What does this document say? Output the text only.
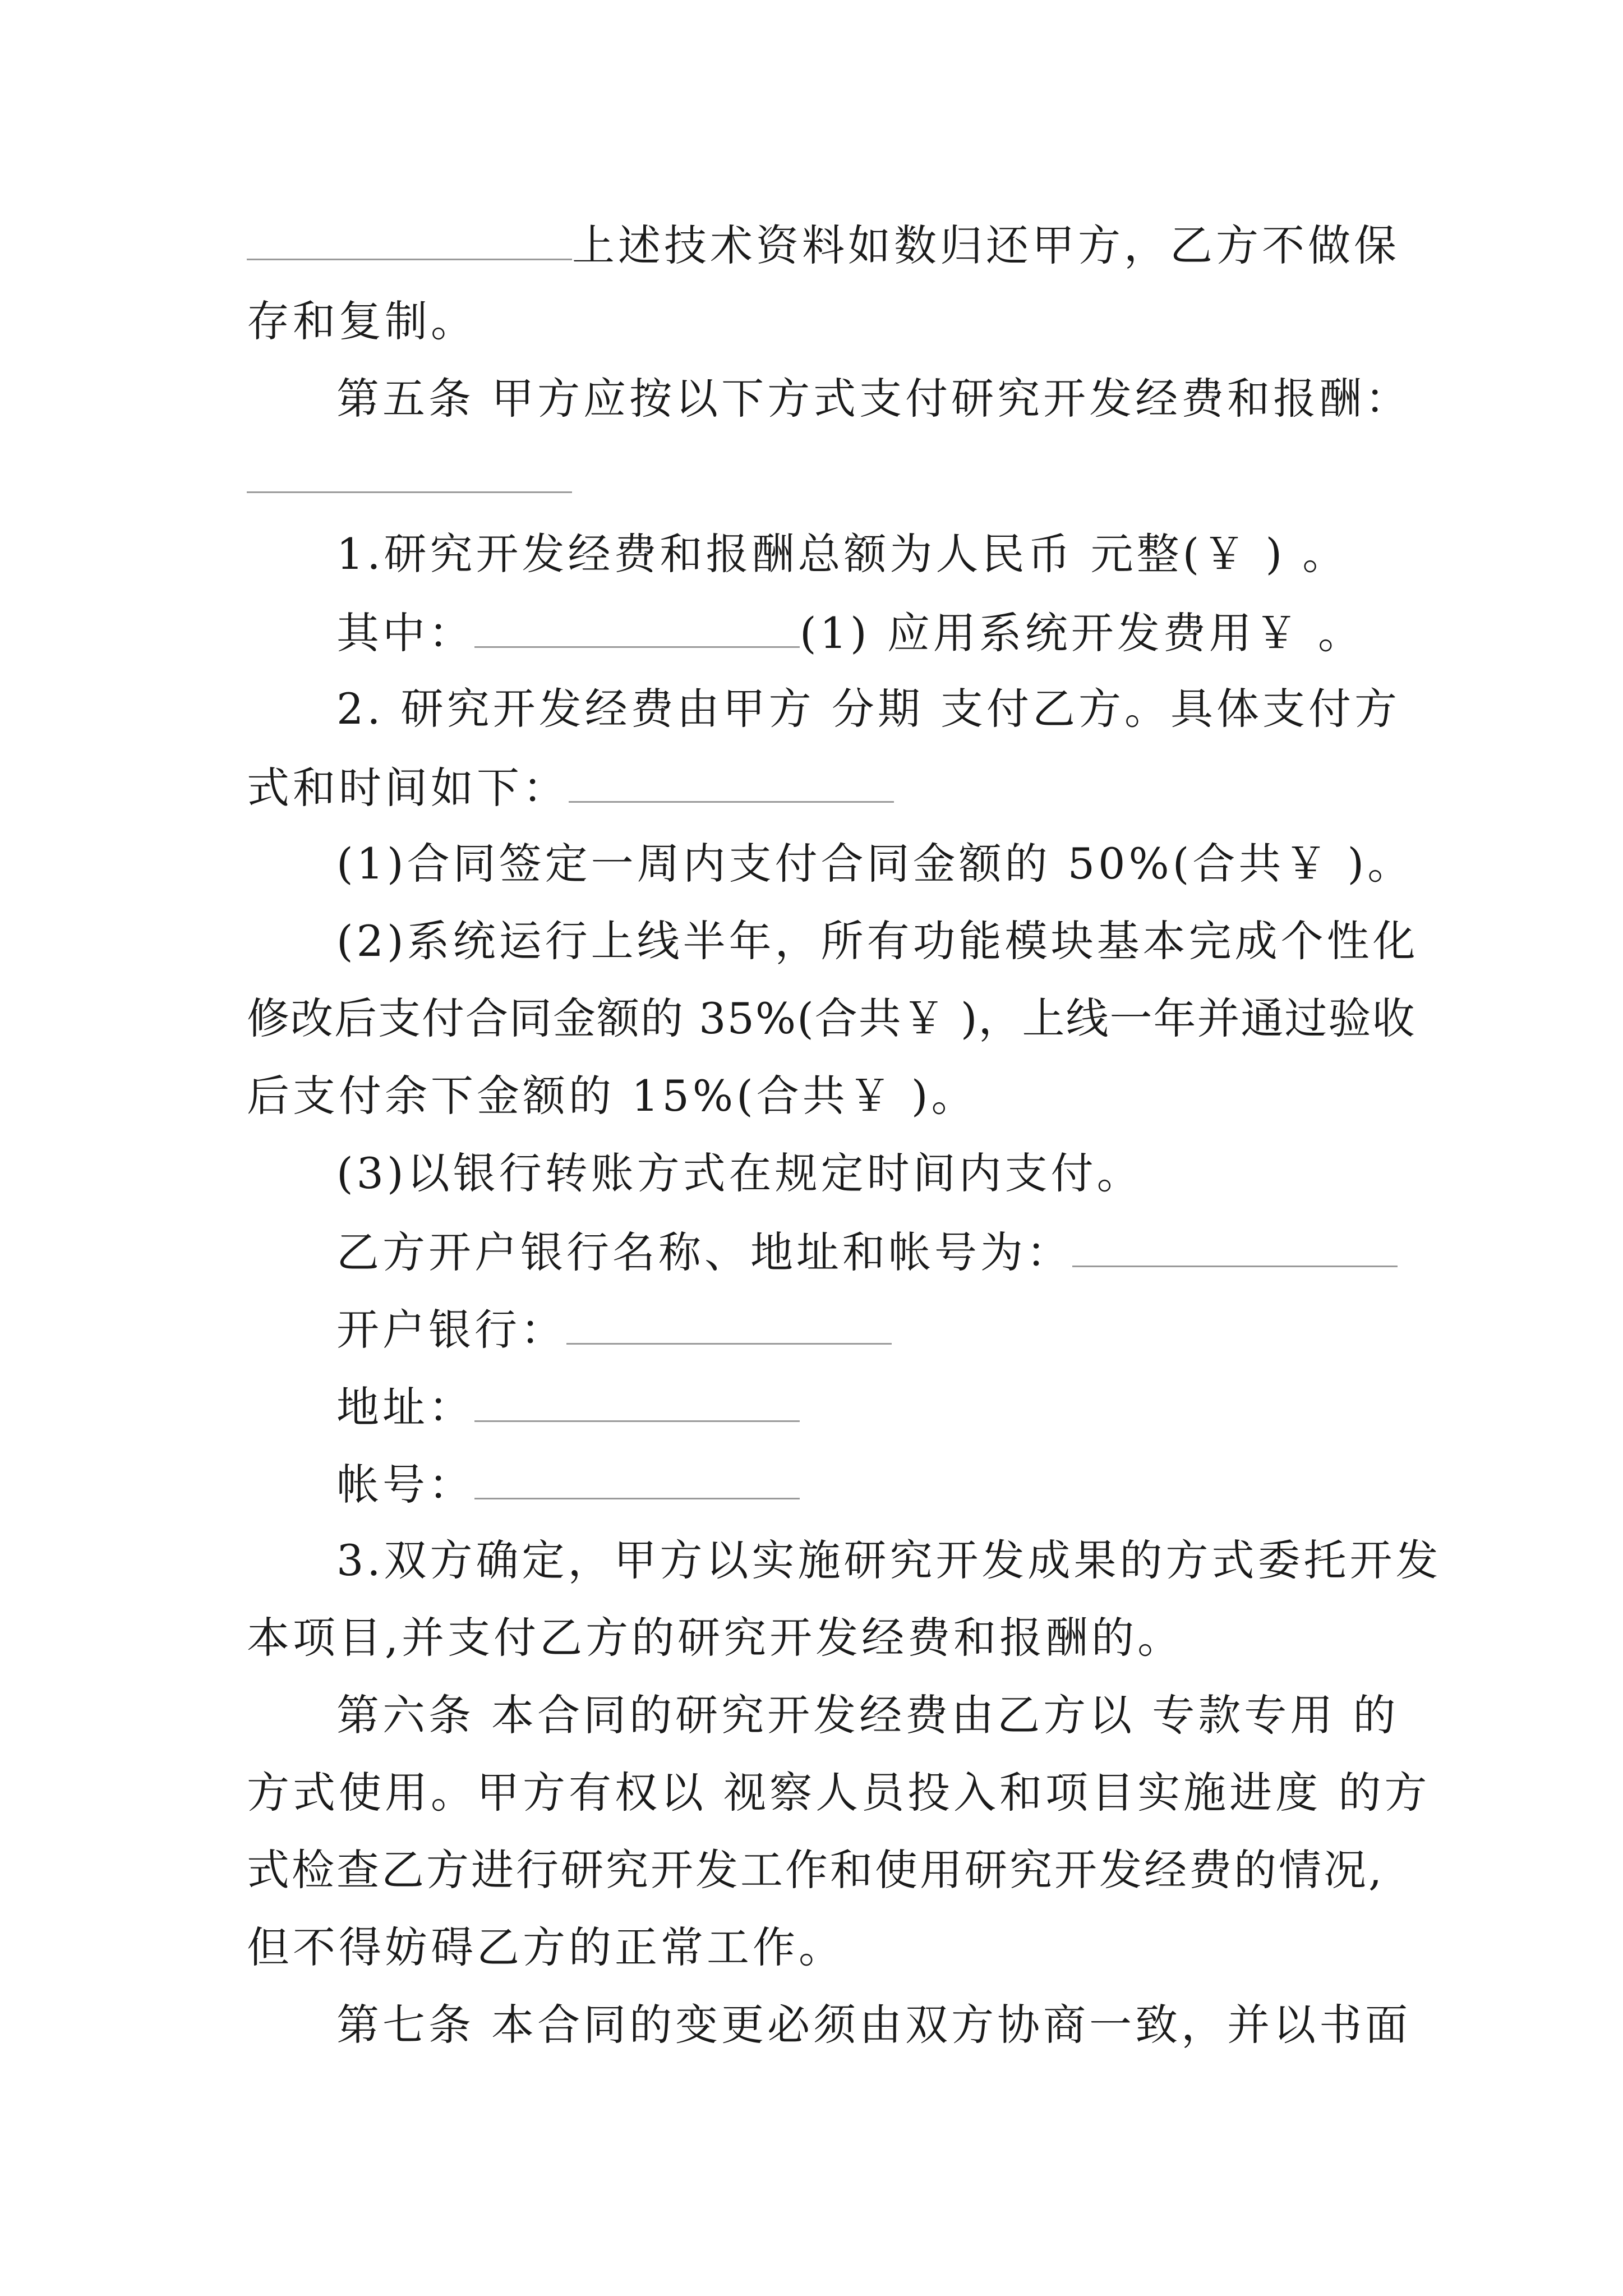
上述技术资料如数归还甲方，乙方不做保
存和复制。
第五条 甲方应按以下方式支付研究开发经费和报酬：
1.研究开发经费和报酬总额为人民币 元整(￥ ) 。
其中：	(1) 应用系统开发费用￥ 。
2. 研究开发经费由甲方 分期 支付乙方。具体支付方
式和时间如下：
(1)合同签定一周内支付合同金额的 50%(合共￥ )。
(2)系统运行上线半年，所有功能模块基本完成个性化
修改后支付合同金额的 35%(合共￥ )，上线一年并通过验收
后支付余下金额的 15%(合共￥ )。
(3)以银行转账方式在规定时间内支付。
乙方开户银行名称、地址和帐号为：
开户银行：
地址：
帐号：
3.双方确定，甲方以实施研究开发成果的方式委托开发
本项目,并支付乙方的研究开发经费和报酬的。
第六条 本合同的研究开发经费由乙方以 专款专用 的
方式使用。甲方有权以 视察人员投入和项目实施进度 的方
式检查乙方进行研究开发工作和使用研究开发经费的情况,
但不得妨碍乙方的正常工作。
第七条 本合同的变更必须由双方协商一致，并以书面
